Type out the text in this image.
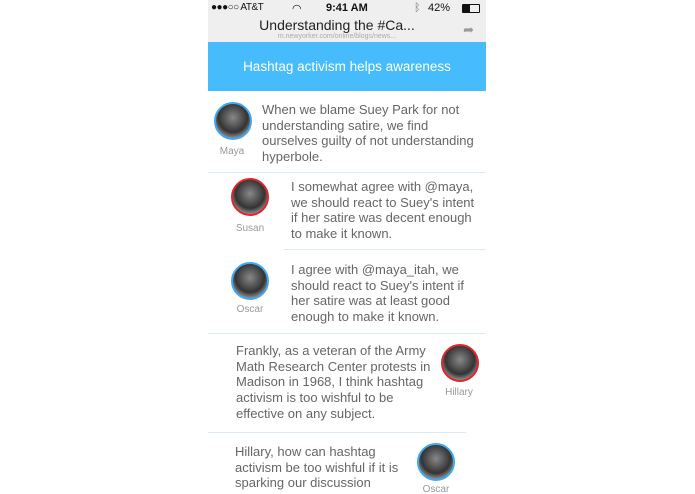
●●●○○ AT&T	◠ 9:41 AM	ᛒ 42%
Understanding the #Ca...
m.newyorker.com/online/blogs/news...	➦
Hashtag activism helps awareness
Maya
When we blame Suey Park for not understanding satire, we find ourselves guilty of not understanding hyperbole.
Susan
I somewhat agree with @maya, we should react to Suey's intent if her satire was decent enough to make it known.
Oscar
I agree with @maya_itah, we should react to Suey's intent if her satire was at least good enough to make it known.
Frankly, as a veteran of the Army Math Research Center protests in Madison in 1968, I think hashtag activism is too wishful to be effective on any subject.
Hillary
Hillary, how can hashtag activism be too wishful if it is sparking our discussion	Oscar
